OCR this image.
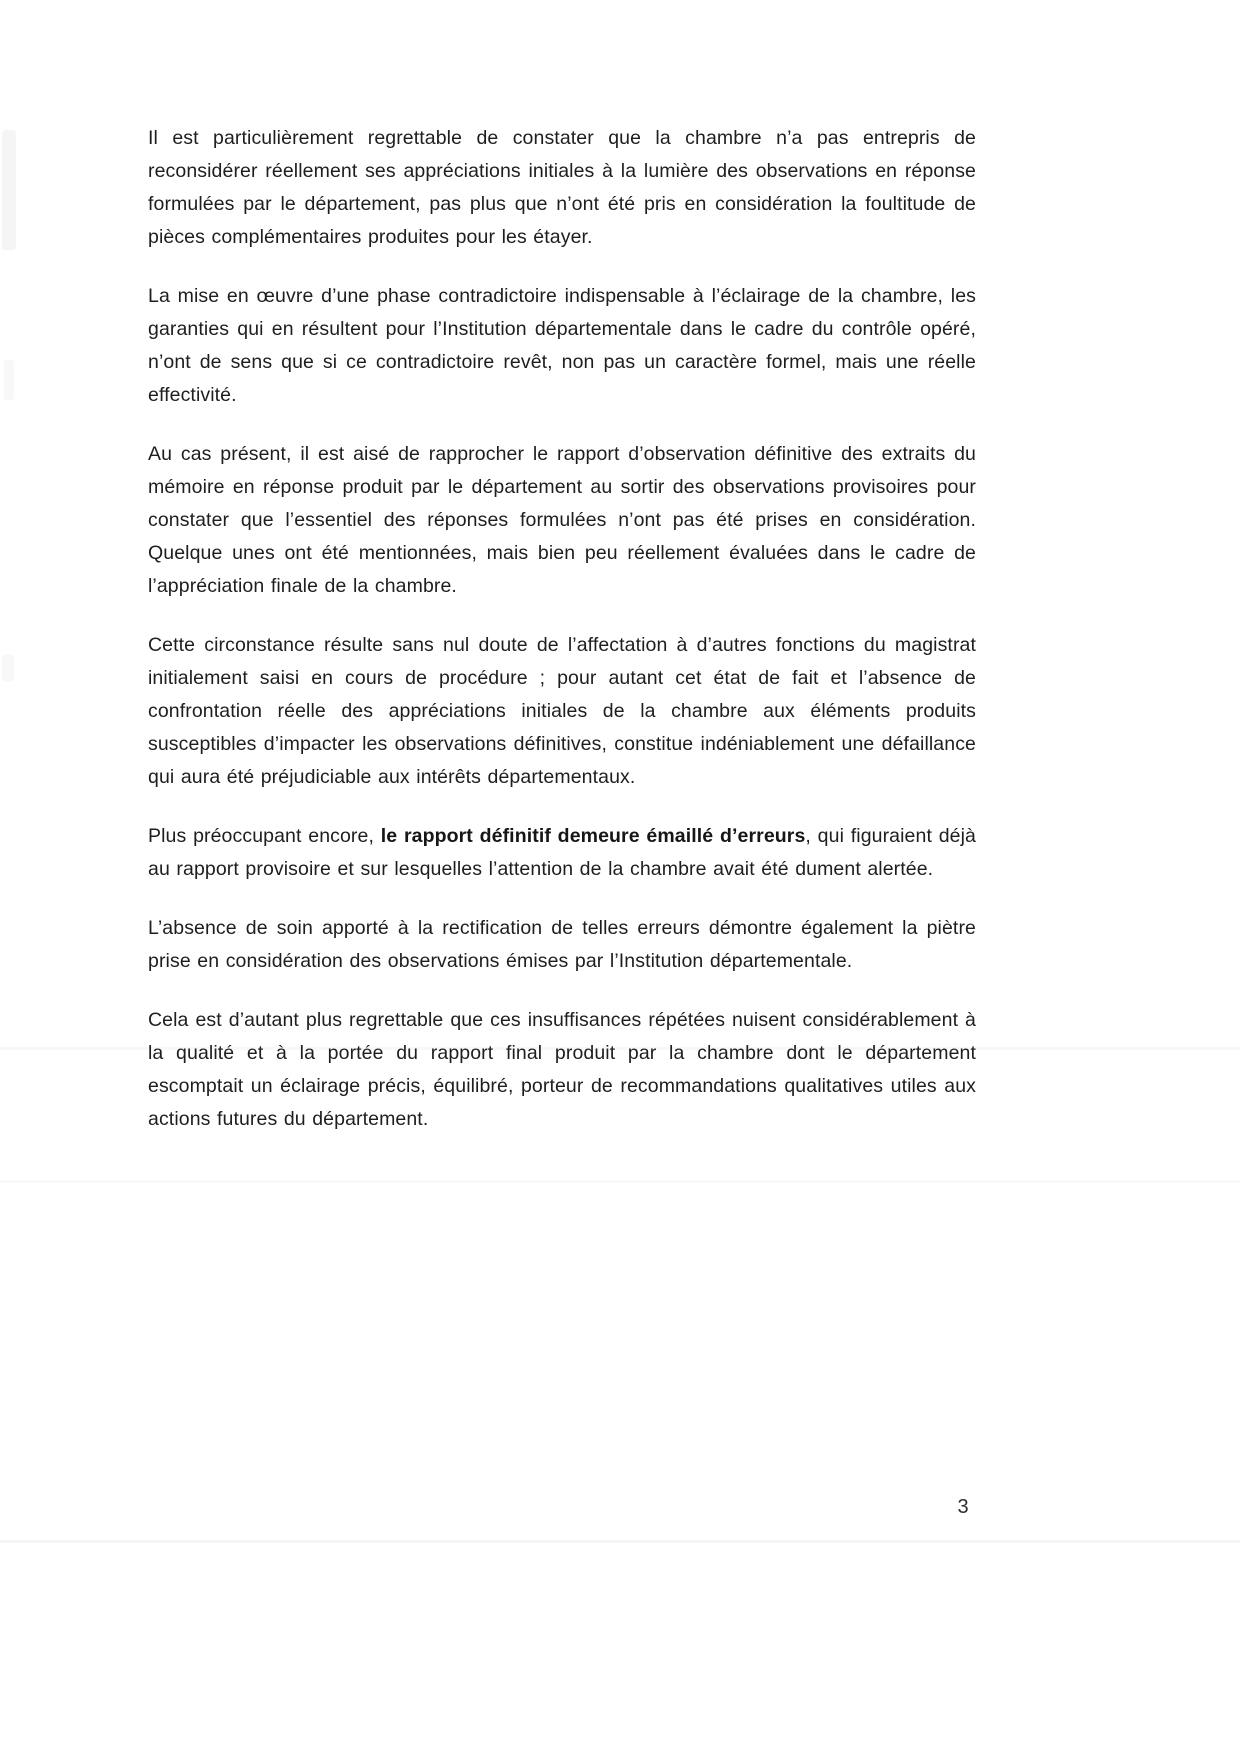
Il est particulièrement regrettable de constater que la chambre n’a pas entrepris de reconsidérer réellement ses appréciations initiales à la lumière des observations en réponse formulées par le département, pas plus que n’ont été pris en considération la foultitude de pièces complémentaires produites pour les étayer.

La mise en œuvre d’une phase contradictoire indispensable à l’éclairage de la chambre, les garanties qui en résultent pour l’Institution départementale dans le cadre du contrôle opéré, n’ont de sens que si ce contradictoire revêt, non pas un caractère formel, mais une réelle effectivité.

Au cas présent, il est aisé de rapprocher le rapport d’observation définitive des extraits du mémoire en réponse produit par le département au sortir des observations provisoires pour constater que l’essentiel des réponses formulées n’ont pas été prises en considération. Quelque unes ont été mentionnées, mais bien peu réellement évaluées dans le cadre de l’appréciation finale de la chambre.

Cette circonstance résulte sans nul doute de l’affectation à d’autres fonctions du magistrat initialement saisi en cours de procédure ; pour autant cet état de fait et l’absence de confrontation réelle des appréciations initiales de la chambre aux éléments produits susceptibles d’impacter les observations définitives, constitue indéniablement une défaillance qui aura été préjudiciable aux intérêts départementaux.

Plus préoccupant encore, le rapport définitif demeure émaillé d’erreurs, qui figuraient déjà au rapport provisoire et sur lesquelles l’attention de la chambre avait été dument alertée.

L’absence de soin apporté à la rectification de telles erreurs démontre également la piètre prise en considération des observations émises par l’Institution départementale.

Cela est d’autant plus regrettable que ces insuffisances répétées nuisent considérablement à la qualité et à la portée du rapport final produit par la chambre dont le département escomptait un éclairage précis, équilibré, porteur de recommandations qualitatives utiles aux actions futures du département.

3
